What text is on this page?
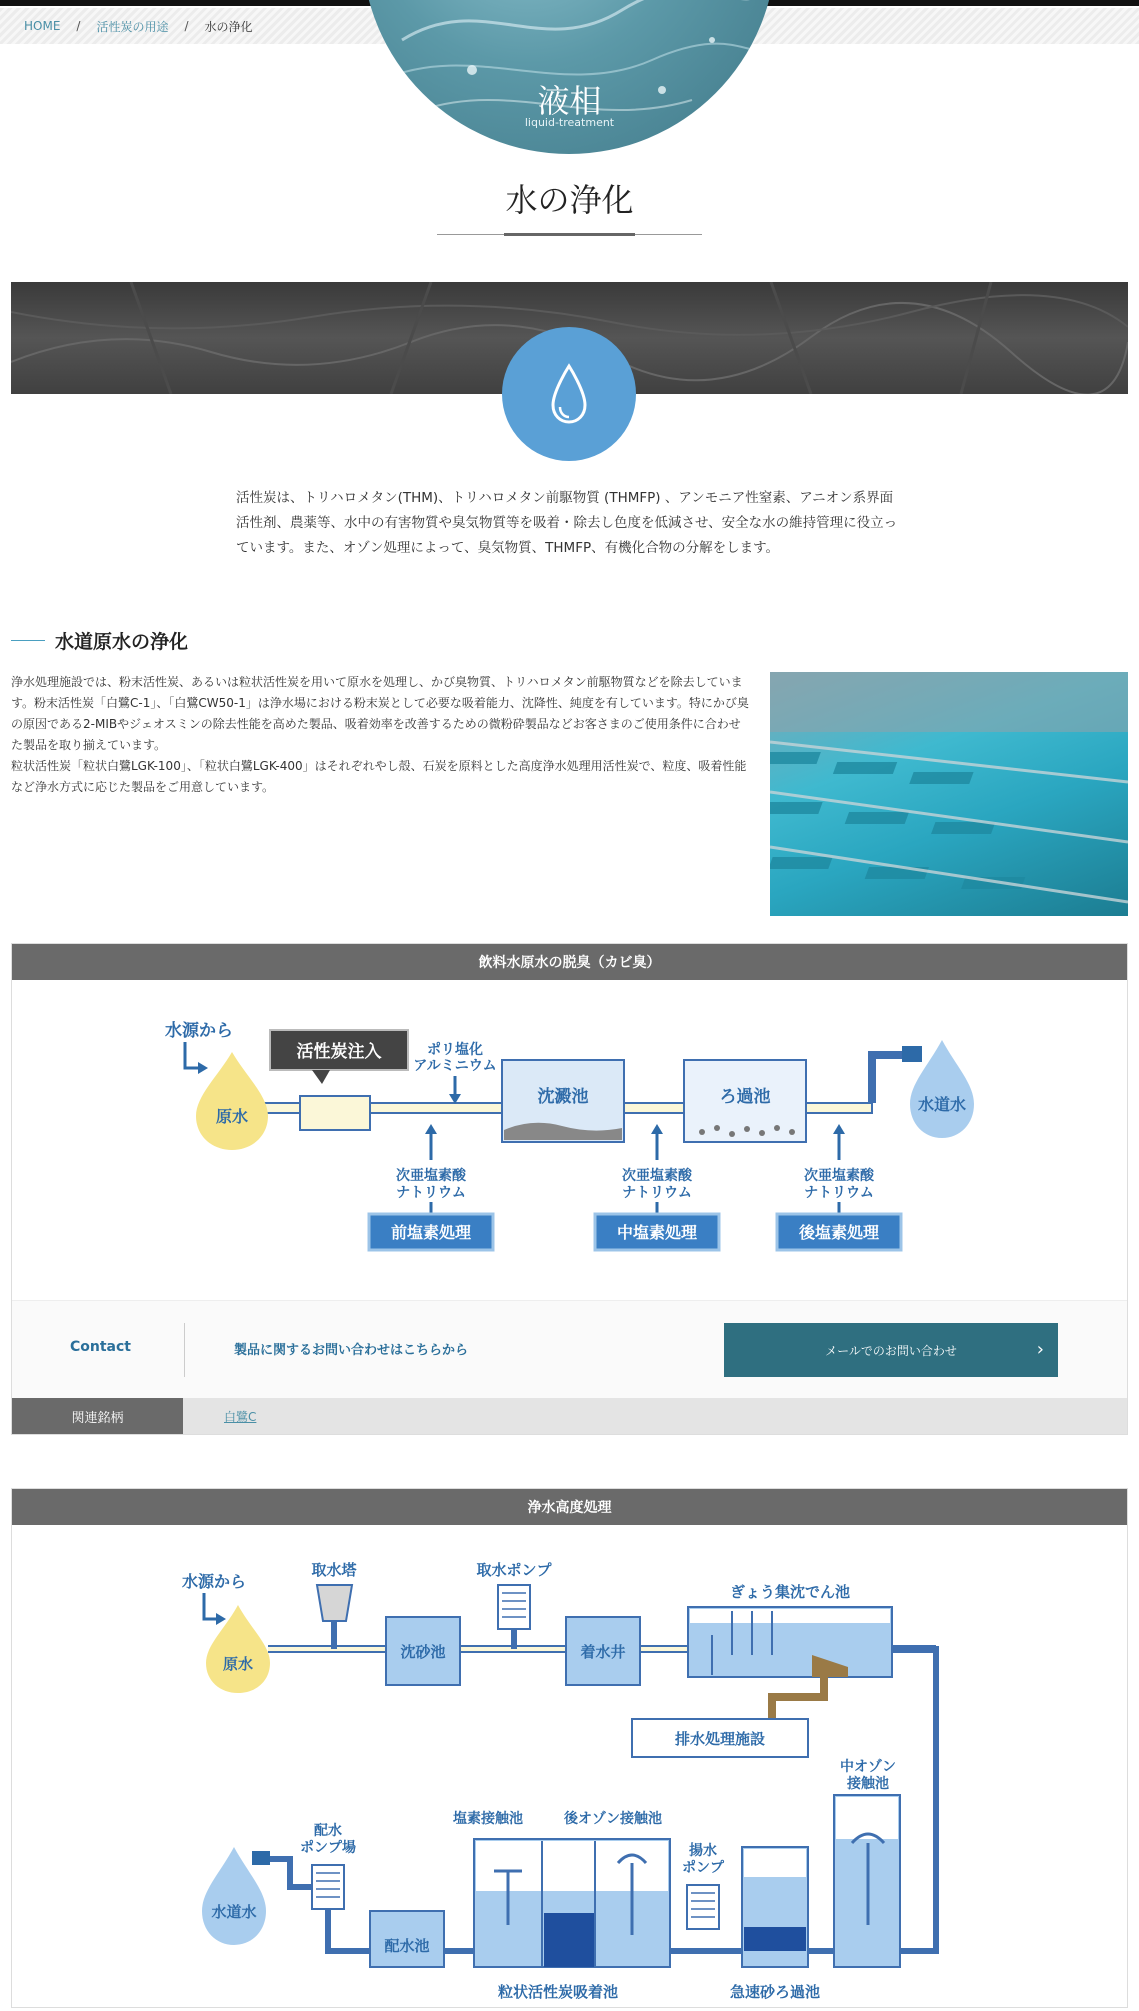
HOME / 活性炭の用途 / 水の浄化
液相
liquid-treatment
水の浄化
活性炭は、トリハロメタン(THM)、トリハロメタン前駆物質 (THMFP) 、アンモニア性窒素、アニオン系界面活性剤、農薬等、水中の有害物質や臭気物質等を吸着・除去し色度を低減させ、安全な水の維持管理に役立っています。また、オゾン処理によって、臭気物質、THMFP、有機化合物の分解をします。
水道原水の浄化
浄水処理施設では、粉末活性炭、あるいは粒状活性炭を用いて原水を処理し、かび臭物質、トリハロメタン前駆物質などを除去しています。粉末活性炭「白鷺C-1」、「白鷺CW50-1」は浄水場における粉末炭として必要な吸着能力、沈降性、純度を有しています。特にかび臭の原因である2-MIBやジェオスミンの除去性能を高めた製品、吸着効率を改善するための微粉砕製品などお客さまのご使用条件に合わせた製品を取り揃えています。
粒状活性炭「粒状白鷺LGK-100」、「粒状白鷺LGK-400」はそれぞれやし殻、石炭を原料とした高度浄水処理用活性炭で、粒度、吸着性能など浄水方式に応じた製品をご用意しています。
飲料水原水の脱臭（カビ臭）
水源から
原水
活性炭注入	ポリ塩化
アルミニウム
沈澱池	ろ過池	水道水
次亜塩素酸
ナトリウム
前塩素処理
次亜塩素酸
ナトリウム
中塩素処理
次亜塩素酸
ナトリウム
後塩素処理
Contact	製品に関するお問い合わせはこちらから	メールでのお問い合わせ	›
関連銘柄	白鷺C
浄水高度処理
水源から
原水
取水塔
沈砂池
取水ポンプ
着水井
ぎょう集沈でん池
排水処理施設
中オゾン
接触池
急速砂ろ過池
揚水
ポンプ
塩素接触池	後オゾン接触池
粒状活性炭吸着池
配水池
配水
ポンプ場
水道水
